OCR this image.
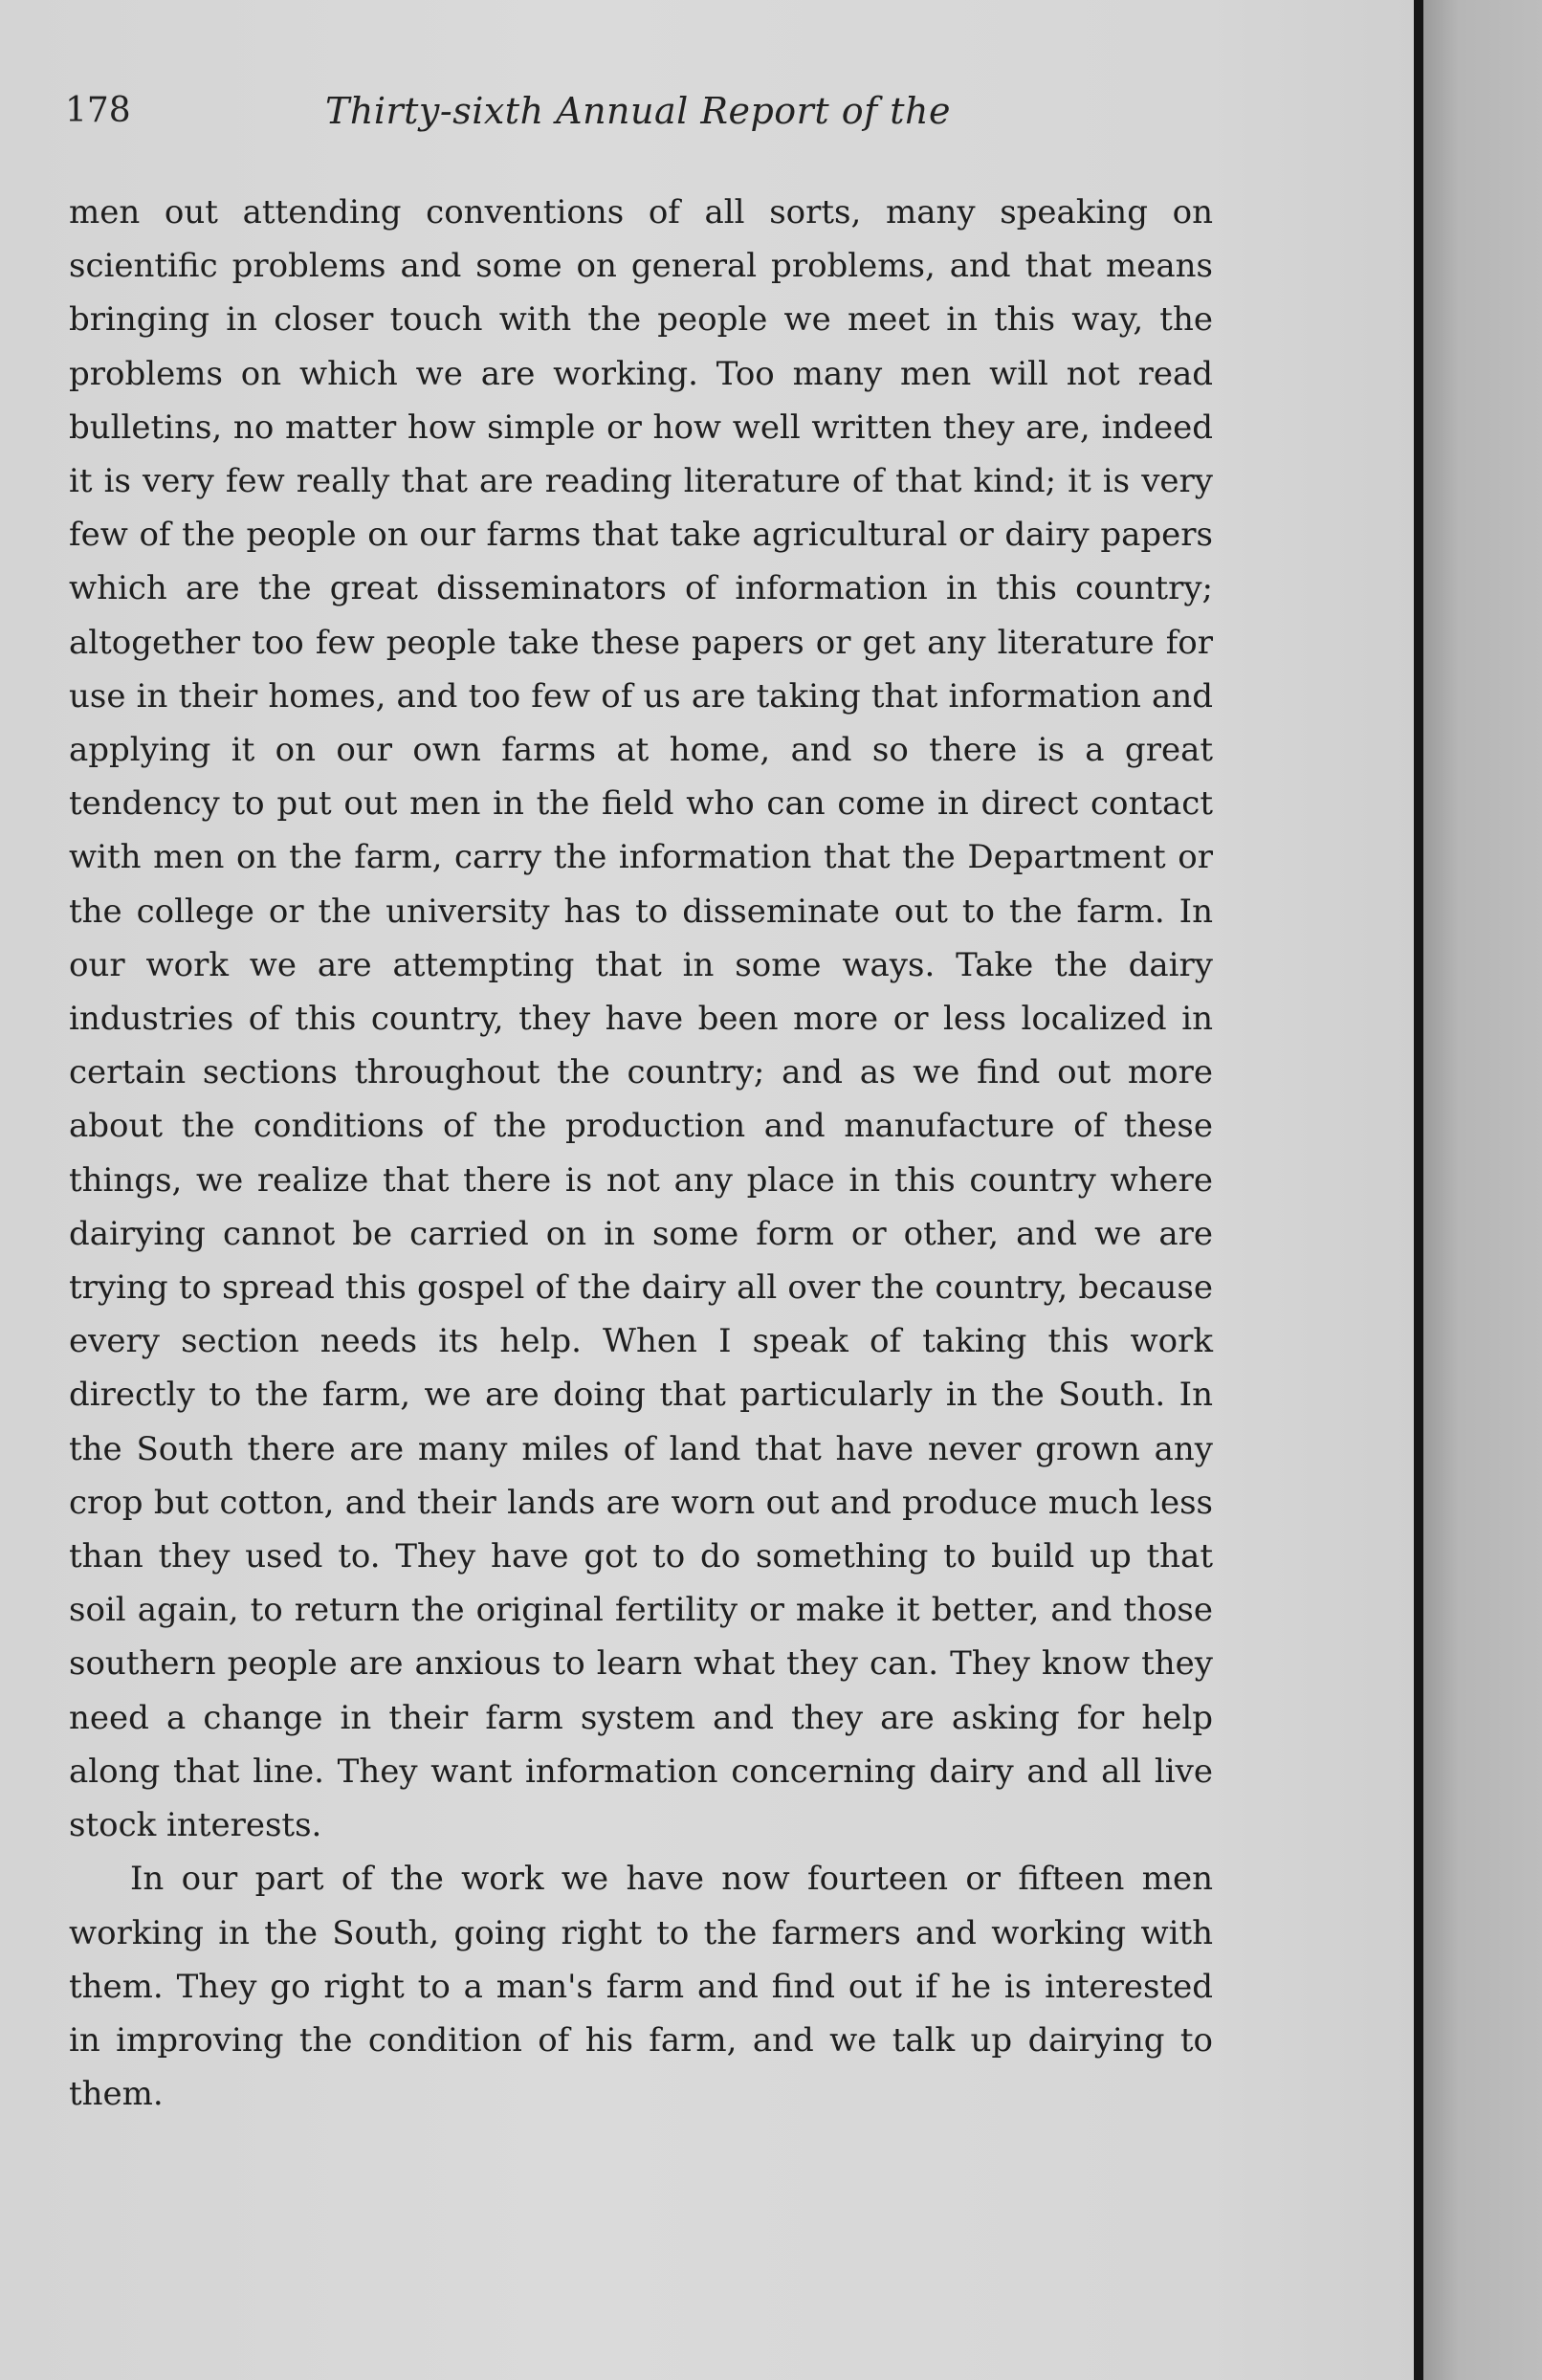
178	Thirty-sixth Annual Report of the

men out attending conventions of all sorts, many speaking on scientific problems and some on general problems, and that means bringing in closer touch with the people we meet in this way, the problems on which we are working. Too many men will not read bulletins, no matter how simple or how well written they are, indeed it is very few really that are reading literature of that kind; it is very few of the people on our farms that take agricultural or dairy papers which are the great disseminators of information in this country; altogether too few people take these papers or get any literature for use in their homes, and too few of us are taking that information and applying it on our own farms at home, and so there is a great tendency to put out men in the field who can come in direct contact with men on the farm, carry the information that the Department or the college or the university has to disseminate out to the farm. In our work we are attempting that in some ways. Take the dairy industries of this country, they have been more or less localized in certain sections throughout the country; and as we find out more about the conditions of the production and manufacture of these things, we realize that there is not any place in this country where dairying cannot be carried on in some form or other, and we are trying to spread this gospel of the dairy all over the country, because every section needs its help. When I speak of taking this work directly to the farm, we are doing that particularly in the South. In the South there are many miles of land that have never grown any crop but cotton, and their lands are worn out and produce much less than they used to. They have got to do something to build up that soil again, to return the original fertility or make it better, and those southern people are anxious to learn what they can. They know they need a change in their farm system and they are asking for help along that line. They want information concerning dairy and all live stock interests.

In our part of the work we have now fourteen or fifteen men working in the South, going right to the farmers and working with them. They go right to a man's farm and find out if he is interested in improving the condition of his farm, and we talk up dairying to them.
